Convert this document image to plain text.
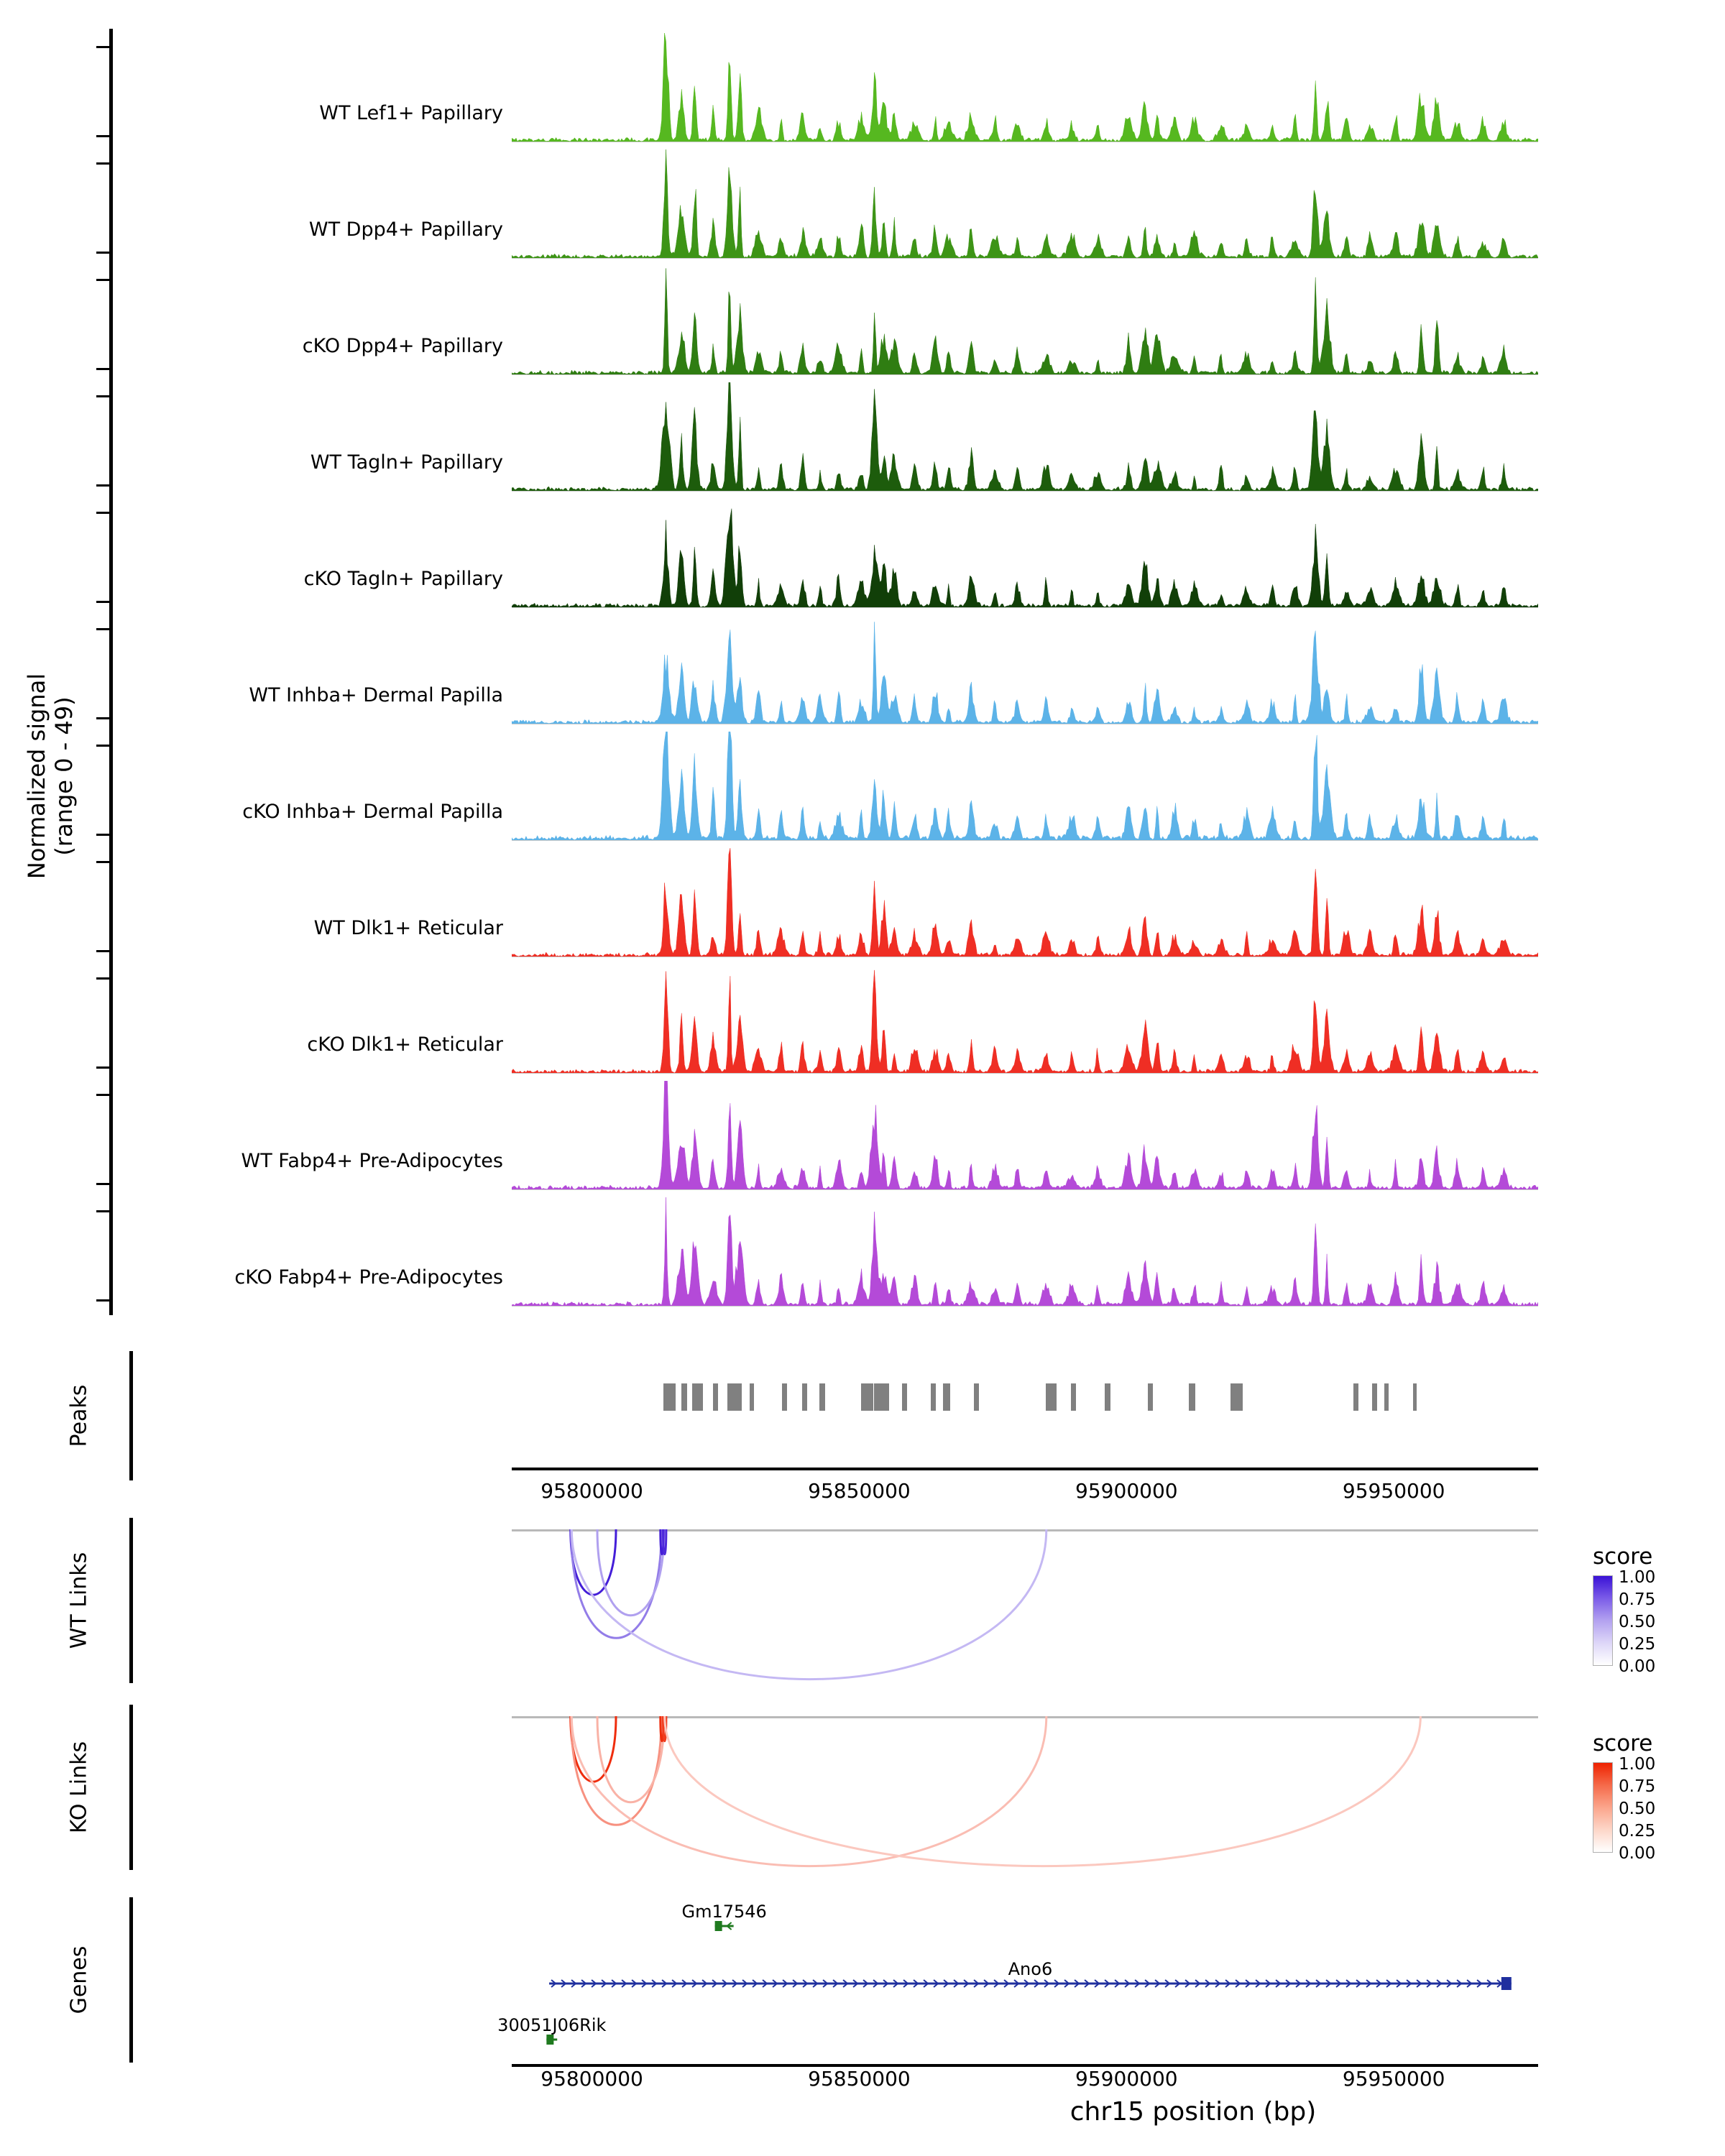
Normalized signal
(range 0 - 49)
WT Lef1+ Papillary
WT Dpp4+ Papillary
cKO Dpp4+ Papillary
WT Tagln+ Papillary
cKO Tagln+ Papillary
WT Inhba+ Dermal Papilla
cKO Inhba+ Dermal Papilla
WT Dlk1+ Reticular
cKO Dlk1+ Reticular
WT Fabp4+ Pre-Adipocytes
cKO Fabp4+ Pre-Adipocytes
Peaks
95800000	95850000	95900000	95950000
WT Links
KO Links
Genes
Gm17546
Ano6
30051J06Rik
95800000	95850000	95900000	95950000
chr15 position (bp)
score
1.00
0.75
0.50
0.25
0.00
score
1.00
0.75
0.50
0.25
0.00
